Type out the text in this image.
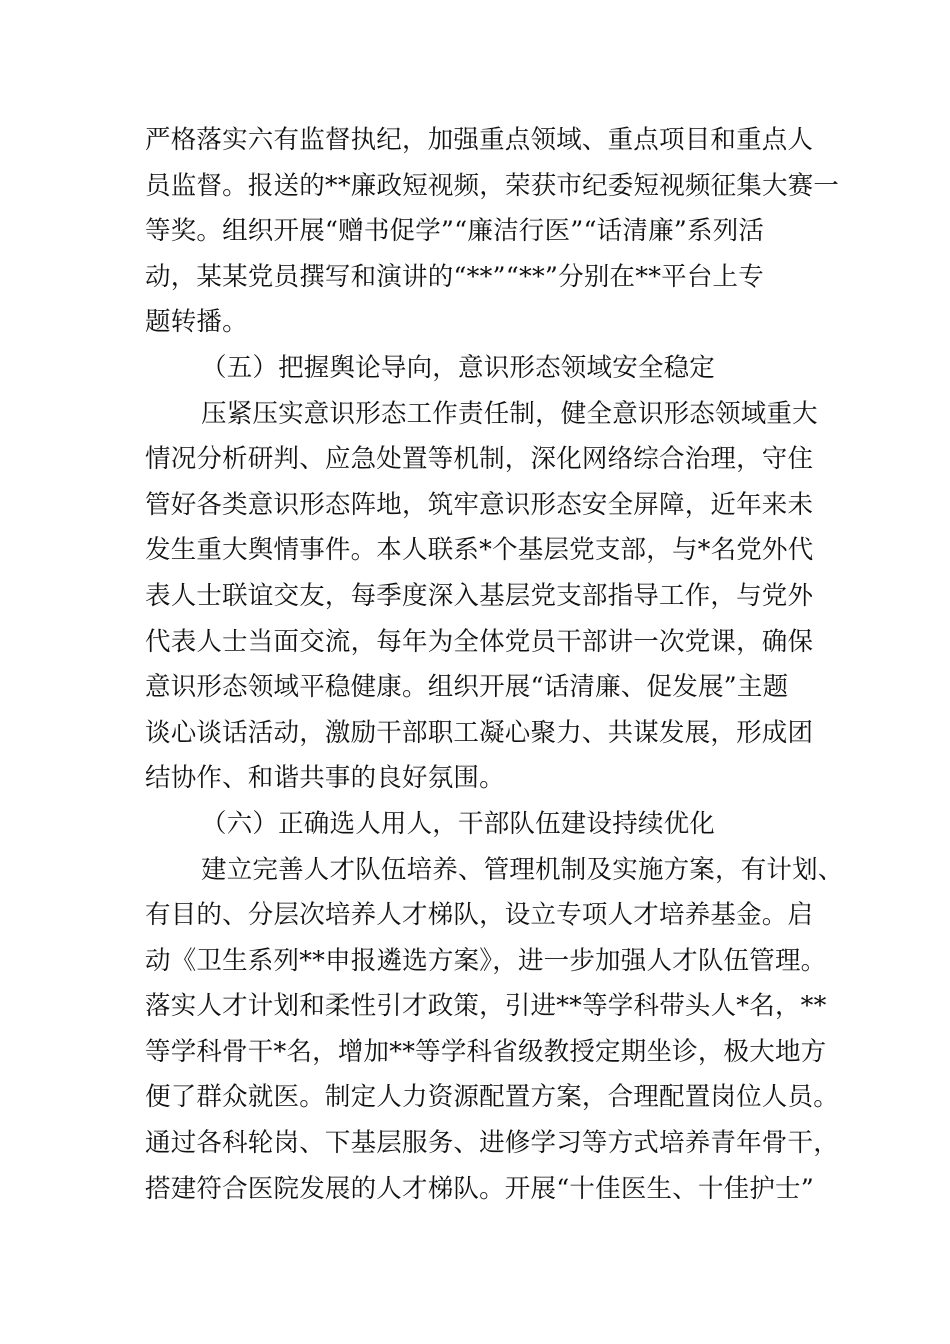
严格落实六有监督执纪，加强重点领域、重点项目和重点人
员监督。报送的**廉政短视频，荣获市纪委短视频征集大赛一
等奖。组织开展“赠书促学”“廉洁行医”“话清廉”系列活
动，某某党员撰写和演讲的“**”“**”分别在**平台上专
题转播。
（五）把握舆论导向，意识形态领域安全稳定
压紧压实意识形态工作责任制，健全意识形态领域重大
情况分析研判、应急处置等机制，深化网络综合治理，守住
管好各类意识形态阵地，筑牢意识形态安全屏障，近年来未
发生重大舆情事件。本人联系*个基层党支部，与*名党外代
表人士联谊交友，每季度深入基层党支部指导工作，与党外
代表人士当面交流，每年为全体党员干部讲一次党课，确保
意识形态领域平稳健康。组织开展“话清廉、促发展”主题
谈心谈话活动，激励干部职工凝心聚力、共谋发展，形成团
结协作、和谐共事的良好氛围。
（六）正确选人用人，干部队伍建设持续优化
建立完善人才队伍培养、管理机制及实施方案，有计划、
有目的、分层次培养人才梯队，设立专项人才培养基金。启
动《卫生系列**申报遴选方案》，进一步加强人才队伍管理。
落实人才计划和柔性引才政策，引进**等学科带头人*名，**
等学科骨干*名，增加**等学科省级教授定期坐诊，极大地方
便了群众就医。制定人力资源配置方案，合理配置岗位人员。
通过各科轮岗、下基层服务、进修学习等方式培养青年骨干，
搭建符合医院发展的人才梯队。开展“十佳医生、十佳护士”
